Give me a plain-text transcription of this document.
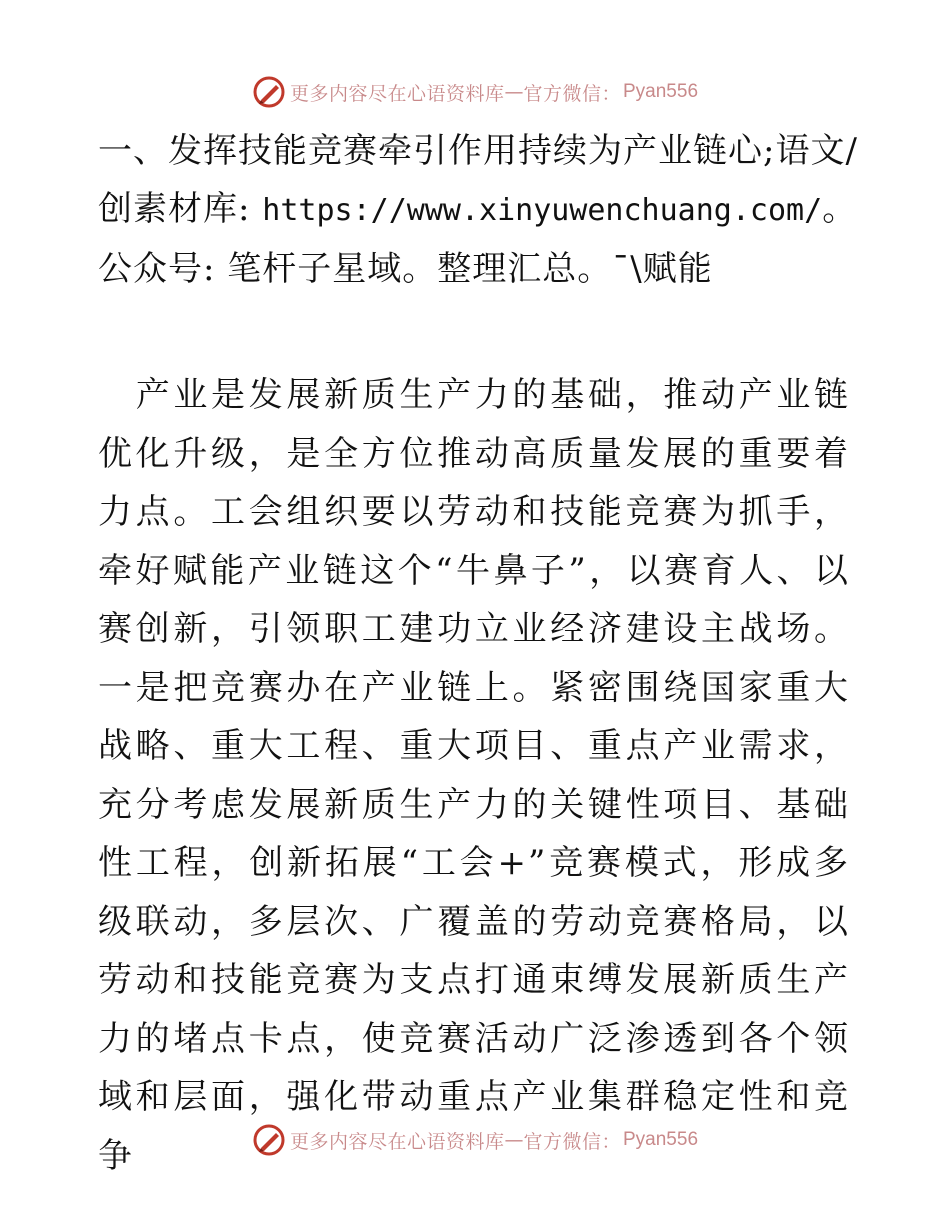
更多内容尽在心语资料库 — 官方微信： Pyan556
一、发挥技能竞赛牵引作用持续为产业链心;语文/创素材库: https://www.xinyuwenchuang.com/。公众号: 笔杆子星域。整理汇总。¯\赋能

　产业是发展新质生产力的基础，推动产业链优化升级，是全方位推动高质量发展的重要着力点。工会组织要以劳动和技能竞赛为抓手，牵好赋能产业链这个“牛鼻子”，以赛育人、以赛创新，引领职工建功立业经济建设主战场。一是把竞赛办在产业链上。紧密围绕国家重大战略、重大工程、重大项目、重点产业需求，充分考虑发展新质生产力的关键性项目、基础性工程，创新拓展“工会+”竞赛模式，形成多级联动，多层次、广覆盖的劳动竞赛格局，以劳动和技能竞赛为支点打通束缚发展新质生产力的堵点卡点，使竞赛活动广泛渗透到各个领域和层面，强化带动重点产业集群稳定性和竞争	更多内容尽在心语资料库 — 官方微信： Pyan556
